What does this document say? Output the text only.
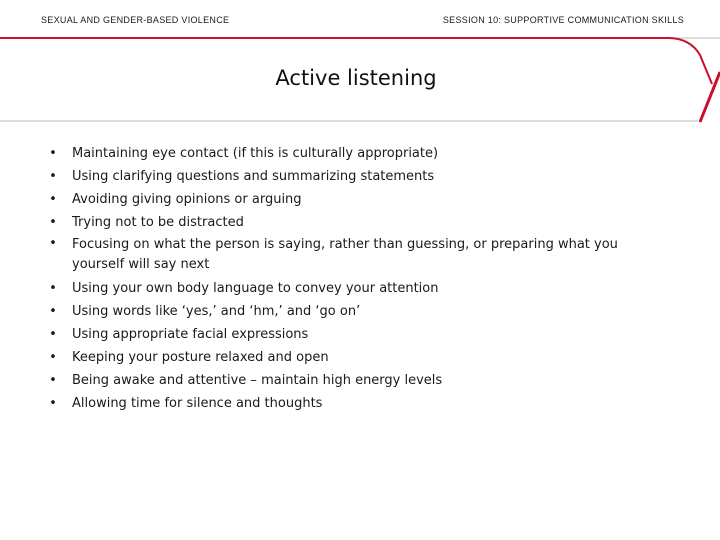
SEXUAL AND GENDER-BASED VIOLENCE	SESSION 10: SUPPORTIVE COMMUNICATION SKILLS
Active listening
• Maintaining eye contact (if this is culturally appropriate)
• Using clarifying questions and summarizing statements
• Avoiding giving opinions or arguing
• Trying not to be distracted
• Focusing on what the person is saying, rather than guessing, or preparing what you yourself will say next
• Using your own body language to convey your attention
• Using words like ‘yes,’ and ‘hm,’ and ‘go on’
• Using appropriate facial expressions
• Keeping your posture relaxed and open
• Being awake and attentive – maintain high energy levels
• Allowing time for silence and thoughts
